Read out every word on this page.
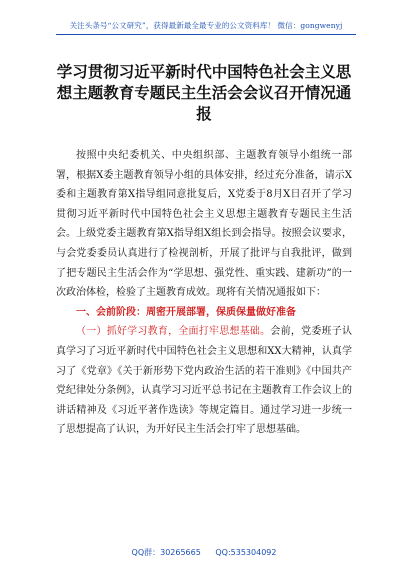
关注头条号“公文研究”，获得最新最全最专业的公文资料库！ 微信：gongwenyj
学习贯彻习近平新时代中国特色社会主义思想主题教育专题民主生活会会议召开情况通报

按照中央纪委机关、中央组织部、主题教育领导小组统一部署，根据X委主题教育领导小组的具体安排，经过充分准备，请示X委和主题教育第X指导组同意批复后，X党委于8月X日召开了学习贯彻习近平新时代中国特色社会主义思想主题教育专题民主生活会。上级党委主题教育第X指导组X组长到会指导。按照会议要求，与会党委委员认真进行了检视剖析，开展了批评与自我批评，做到了把专题民主生活会作为“学思想、强党性、重实践、建新功”的一次政治体检，检验了主题教育成效。现将有关情况通报如下：

一、会前阶段：周密开展部署，保质保量做好准备

（一）抓好学习教育，全面打牢思想基础。会前，党委班子认真学习了习近平新时代中国特色社会主义思想和XX大精神，认真学习了《党章》《关于新形势下党内政治生活的若干准则》《中国共产党纪律处分条例》，认真学习习近平总书记在主题教育工作会议上的讲话精神及《习近平著作选读》等规定篇目。通过学习进一步统一了思想提高了认识，为开好民主生活会打牢了思想基础。

QQ群：30265665 QQ:535304092
